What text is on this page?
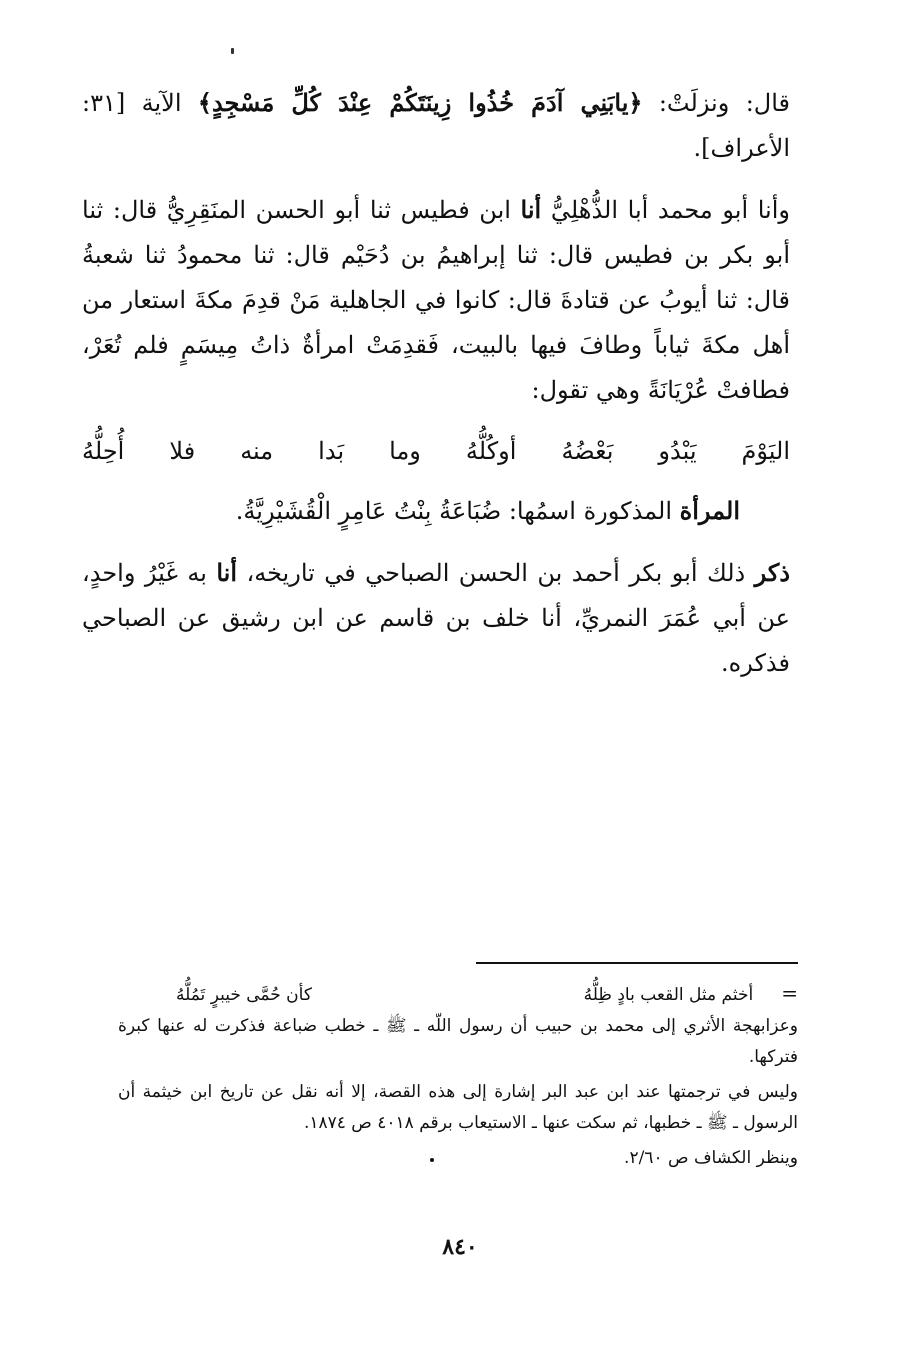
قال: ونزلَتْ: ﴿يابَنِي آدَمَ خُذُوا زِينَتَكُمْ عِنْدَ كُلِّ مَسْجِدٍ﴾ الآية [٣١: الأعراف].

وأنا أبو محمد أبا الذُّهْلِيُّ أنا ابن فطيس ثنا أبو الحسن المنَقِرِيُّ قال: ثنا أبو بكر بن فطيس قال: ثنا إبراهيمُ بن دُحَيْم قال: ثنا محمودُ ثنا شعبةُ قال: ثنا أيوبُ عن قتادةَ قال: كانوا في الجاهلية مَنْ قدِمَ مكةَ استعار من أهل مكةَ ثياباً وطافَ فيها بالبيت، فَقدِمَتْ امرأةٌ ذاتُ مِيسَمٍ فلم تُعَرْ، فطافتْ عُرْيَانَةً وهي تقول:

اليَوْمَ
يَبْدُو
بَعْضُهُ
أوكُلُّهُ
وما
بَدا
منه
فلا
أُحِلُّهُ

المرأة المذكورة اسمُها: ضُبَاعَةُ بِنْتُ عَامِرٍ الْقُشَيْرِيَّةُ.

ذكر ذلك أبو بكر أحمد بن الحسن الصباحي في تاريخه، أنا به غَيْرُ واحدٍ، عن أبي عُمَرَ النمريِّ، أنا خلف بن قاسم عن ابن رشيق عن الصباحي فذكره.

=
أخثم مثل القعب بادٍ ظِلُّهُ
كأن حُمَّى خيبرٍ تَمُلُّهُ

وعزابهجة الأثري إلى محمد بن حبيب أن رسول اللّه ـ ﷺ ـ خطب ضباعة فذكرت له عنها كبرة فتركها.

وليس في ترجمتها عند ابن عبد البر إشارة إلى هذه القصة، إلا أنه نقل عن تاريخ ابن خيثمة أن الرسول ـ ﷺ ـ خطبها، ثم سكت عنها ـ الاستيعاب برقم ٤٠١٨ ص ١٨٧٤.

وينظر الكشاف ص ٢/٦٠.

٨٤٠
